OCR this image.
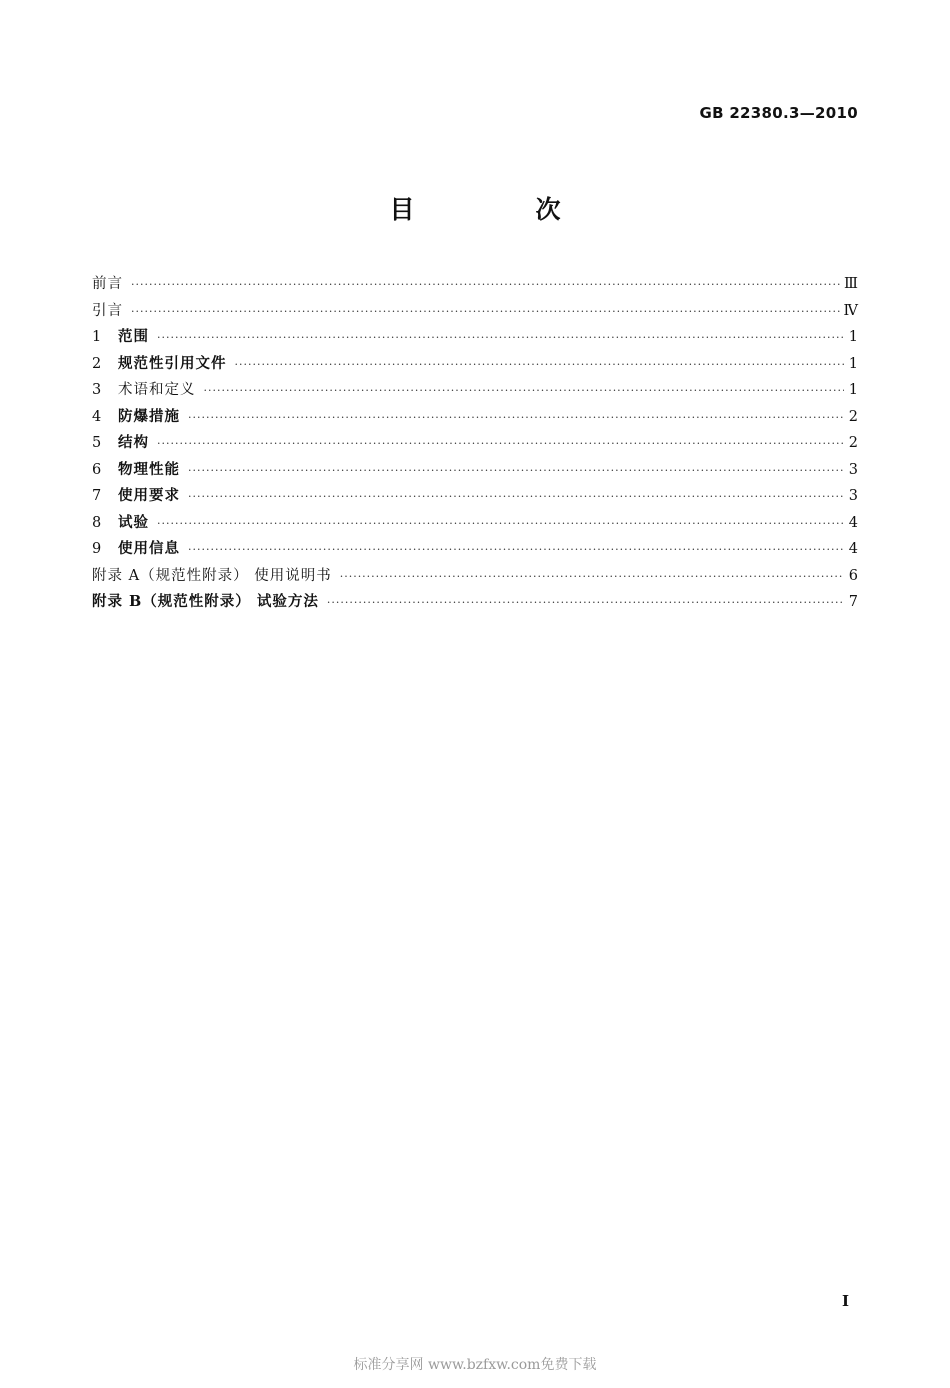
GB 22380.3—2010
目　次
前言 ·····	Ⅲ
引言 ·····	Ⅳ
1	范围 ·····	1
2	规范性引用文件 ·····	1
3	术语和定义 ·····	1
4	防爆措施 ·····	2
5	结构 ·····	2
6	物理性能 ·····	3
7	使用要求 ·····	3
8	试验 ·····	4
9	使用信息 ·····	4
附录 A（规范性附录） 使用说明书 ·····	6
附录 B（规范性附录） 试验方法 ·····	7
I
标准分享网 www.bzfxw.com免费下载
